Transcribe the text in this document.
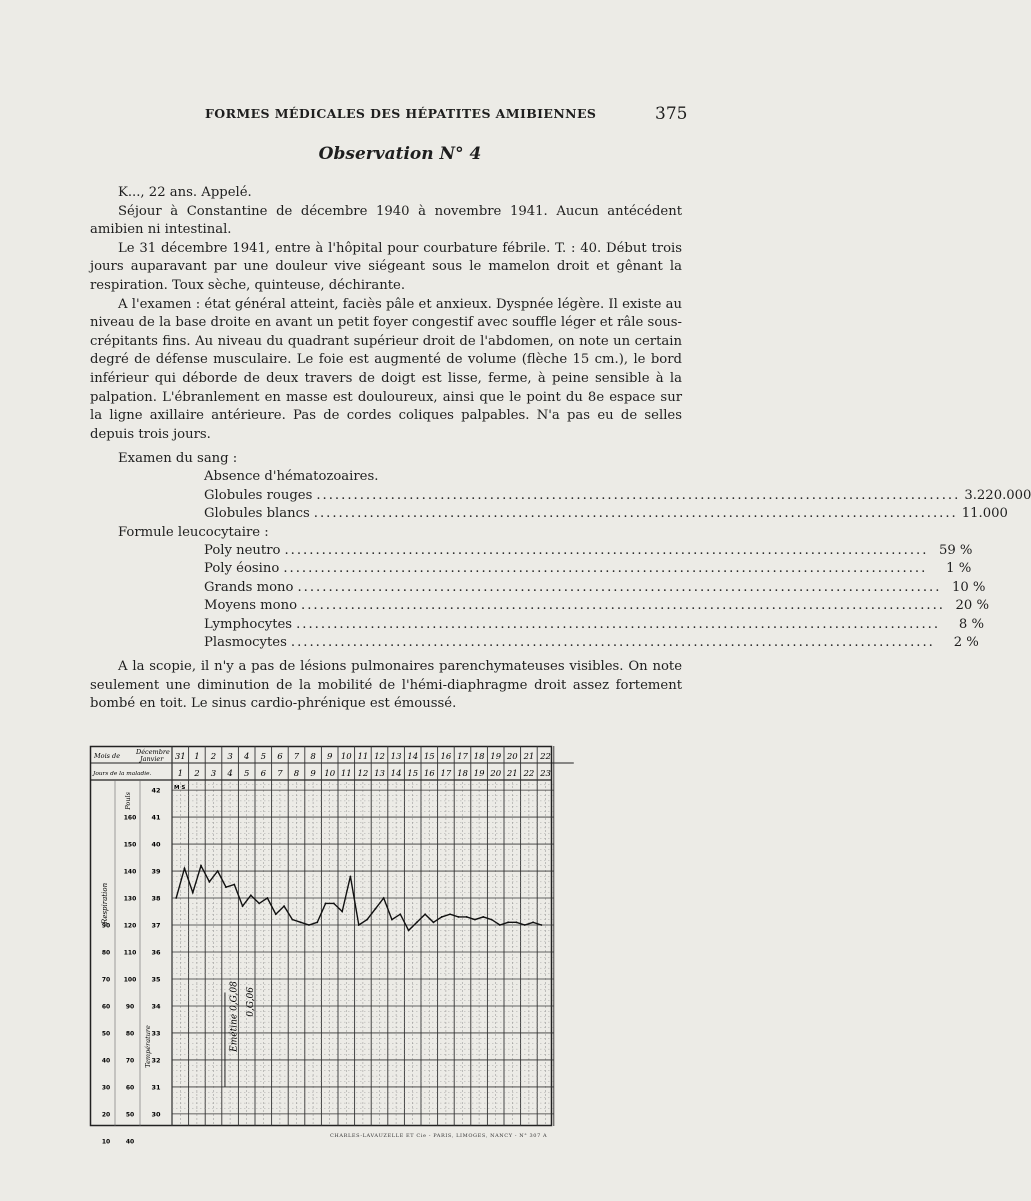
FORMES MÉDICALES DES HÉPATITES AMIBIENNES	375
Observation N° 4

K..., 22 ans. Appelé.

Séjour à Constantine de décembre 1940 à novembre 1941. Aucun antécédent amibien ni intestinal.

Le 31 décembre 1941, entre à l'hôpital pour courbature fébrile. T. : 40. Début trois jours auparavant par une douleur vive siégeant sous le mamelon droit et gênant la respiration. Toux sèche, quinteuse, déchirante.

A l'examen : état général atteint, faciès pâle et anxieux. Dyspnée légère. Il existe au niveau de la base droite en avant un petit foyer congestif avec souffle léger et râle sous-crépitants fins. Au niveau du quadrant supérieur droit de l'abdomen, on note un certain degré de défense musculaire. Le foie est augmenté de volume (flèche 15 cm.), le bord inférieur qui déborde de deux travers de doigt est lisse, ferme, à peine sensible à la palpation. L'ébranlement en masse est douloureux, ainsi que le point du 8e espace sur la ligne axillaire antérieure. Pas de cordes coliques palpables. N'a pas eu de selles depuis trois jours.

Examen du sang :
Absence d'hématozoaires.
Globules rouges .....	3.220.000
Globules blancs .....	11.000
Formule leucocytaire :
Poly neutro .....	59 %
Poly éosino .....	1 %
Grands mono .....	10 %
Moyens mono .....	20 %
Lymphocytes .....	8 %
Plasmocytes .....	2 %

A la scopie, il n'y a pas de lésions pulmonaires parenchymateuses visibles. On note seulement une diminution de la mobilité de l'hémi-diaphragme droit assez fortement bombé en toit. Le sinus cardio-phrénique est émoussé.

Mois de Décembre
Janvier
Jours de la maladie.
31 1 2 3 4 5 6 7 8 9 10 11 12 13 14 15 16 17 18 19 20 21 22
1 2 3 4 5 6 7 8 9 10 11 12 13 14 15 16 17 18 19 20 21 22 23
42
41
40
39
38
37
36
35
34
33
32
31
30
160
150
140
130
120
110
100
90
80
70
60
50
40
90
80
70
60
50
40
30
20
10
Respiration
Pouls
Température
M S
Emétine 0,G,08 0,G,06
CHARLES-LAVAUZELLE ET Cie - PARIS, LIMOGES, NANCY - N° 307 A
